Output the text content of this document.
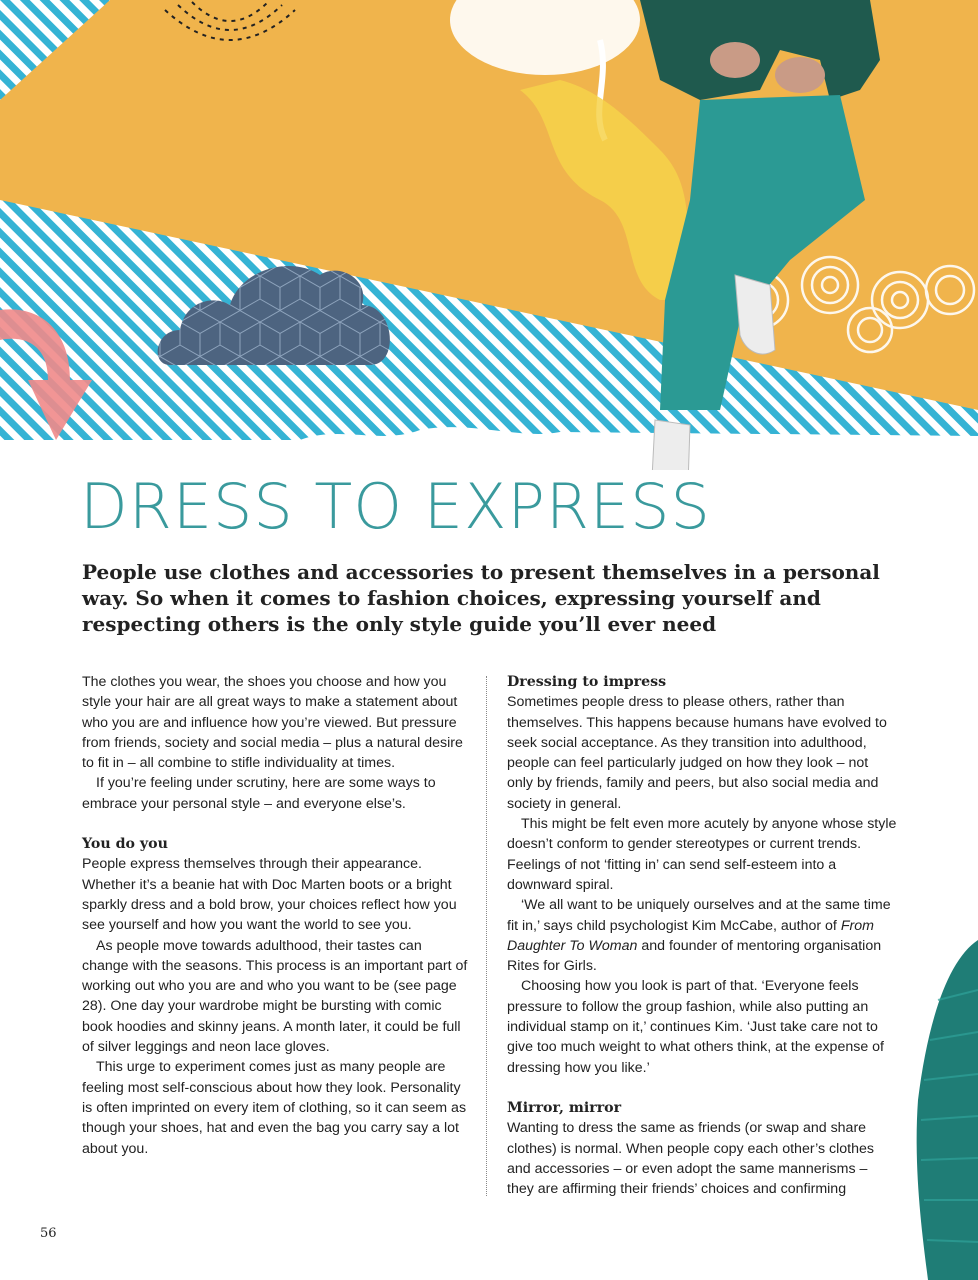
DRESS TO EXPRESS

People use clothes and accessories to present themselves in a personal way. So when it comes to fashion choices, expressing yourself and respecting others is the only style guide you’ll ever need

The clothes you wear, the shoes you choose and how you style your hair are all great ways to make a statement about who you are and influence how you’re viewed. But pressure from friends, society and social media – plus a natural desire to fit in – all combine to stifle individuality at times.

If you’re feeling under scrutiny, here are some ways to embrace your personal style – and everyone else’s.

You do you

People express themselves through their appearance. Whether it’s a beanie hat with Doc Marten boots or a bright sparkly dress and a bold brow, your choices reflect how you see yourself and how you want the world to see you.

As people move towards adulthood, their tastes can change with the seasons. This process is an important part of working out who you are and who you want to be (see page 28). One day your wardrobe might be bursting with comic book hoodies and skinny jeans. A month later, it could be full of silver leggings and neon lace gloves.

This urge to experiment comes just as many people are feeling most self-conscious about how they look. Personality is often imprinted on every item of clothing, so it can seem as though your shoes, hat and even the bag you carry say a lot about you.

Dressing to impress

Sometimes people dress to please others, rather than themselves. This happens because humans have evolved to seek social acceptance. As they transition into adulthood, people can feel particularly judged on how they look – not only by friends, family and peers, but also social media and society in general.

This might be felt even more acutely by anyone whose style doesn’t conform to gender stereotypes or current trends. Feelings of not ‘fitting in’ can send self-esteem into a downward spiral.

‘We all want to be uniquely ourselves and at the same time fit in,’ says child psychologist Kim McCabe, author of From Daughter To Woman and founder of mentoring organisation Rites for Girls.

Choosing how you look is part of that. ‘Everyone feels pressure to follow the group fashion, while also putting an individual stamp on it,’ continues Kim. ‘Just take care not to give too much weight to what others think, at the expense of dressing how you like.’

Mirror, mirror

Wanting to dress the same as friends (or swap and share clothes) is normal. When people copy each other’s clothes and accessories – or even adopt the same mannerisms – they are affirming their friends’ choices and confirming

56
